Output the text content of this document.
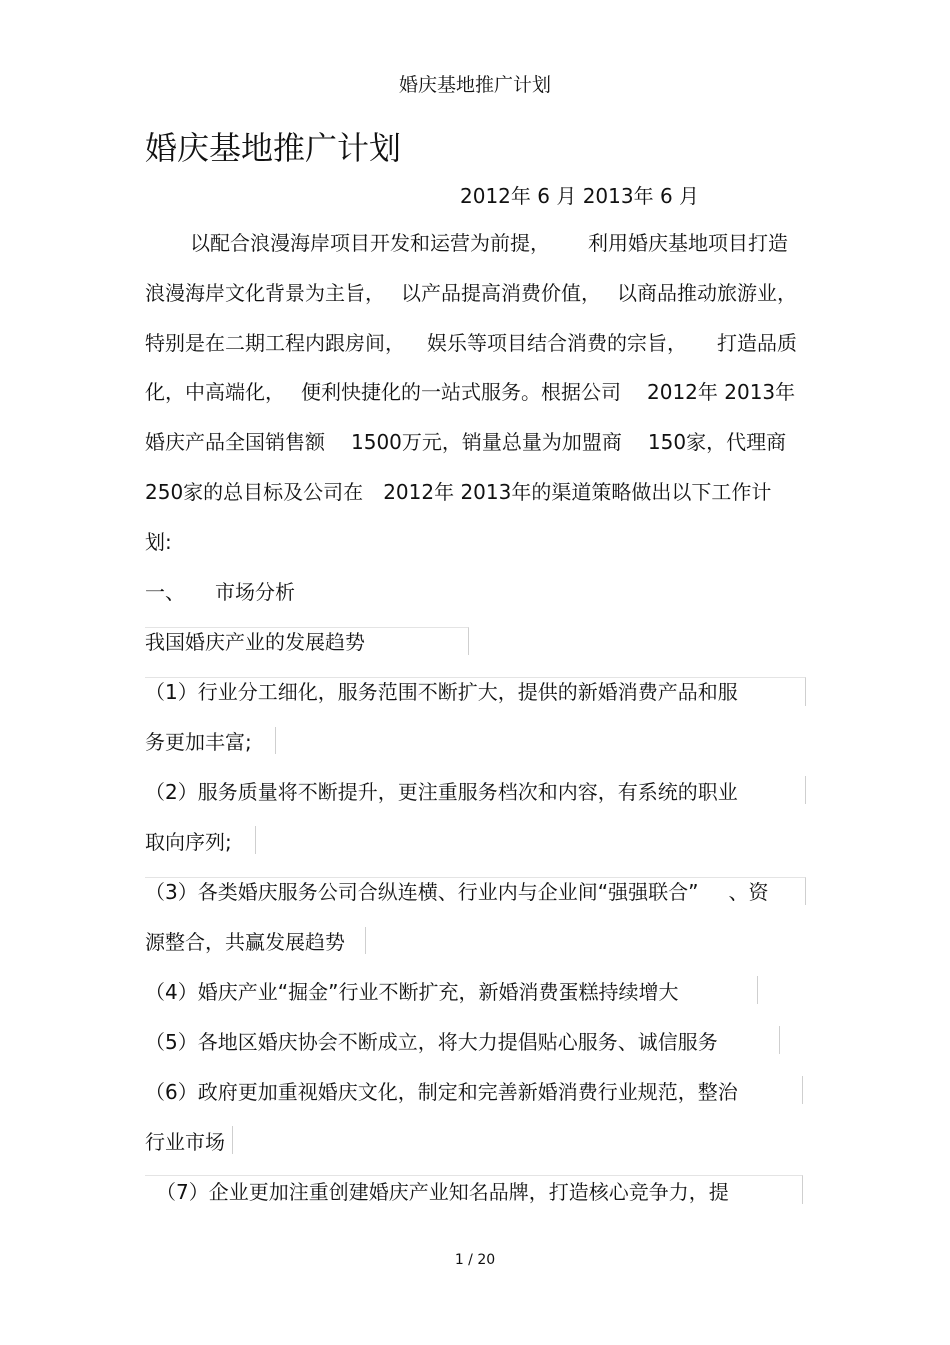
婚庆基地推广计划
婚庆基地推广计划
2012年 6 月 2013年 6 月
以配合浪漫海岸项目开发和运营为前提， 利用婚庆基地项目打造
浪漫海岸文化背景为主旨， 以产品提高消费价值， 以商品推动旅游业，
特别是在二期工程内跟房间， 娱乐等项目结合消费的宗旨， 打造品质
化，中高端化， 便利快捷化的一站式服务。根据公司 2012年 2013年
婚庆产品全国销售额 1500万元，销量总量为加盟商 150家，代理商
250家的总目标及公司在 2012年 2013年的渠道策略做出以下工作计
划:
一、 市场分析
我国婚庆产业的发展趋势
（1）行业分工细化，服务范围不断扩大，提供的新婚消费产品和服
务更加丰富;
（2）服务质量将不断提升，更注重服务档次和内容，有系统的职业
取向序列;
（3）各类婚庆服务公司合纵连横、行业内与企业间“强强联合” 、资
源整合，共赢发展趋势
（4）婚庆产业“掘金”行业不断扩充，新婚消费蛋糕持续增大
（5）各地区婚庆协会不断成立，将大力提倡贴心服务、诚信服务
（6）政府更加重视婚庆文化，制定和完善新婚消费行业规范，整治
行业市场
（7）企业更加注重创建婚庆产业知名品牌，打造核心竞争力，提
1 / 20
